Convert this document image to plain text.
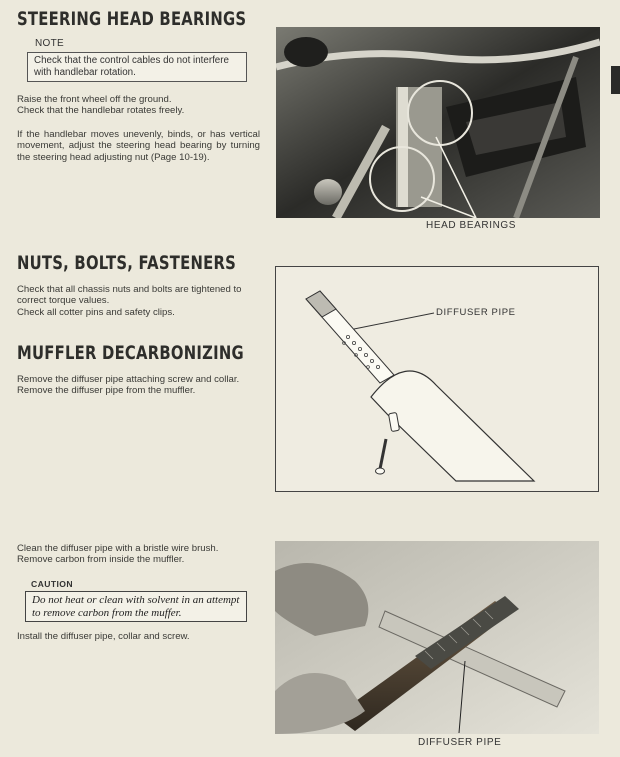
STEERING HEAD BEARINGS
NOTE
Check that the control cables do not interfere with handlebar rotation.

Raise the front wheel off the ground.

Check that the handlebar rotates freely.

If the handlebar moves unevenly, binds, or has vertical movement, adjust the steering head bearing by turning the steering head adjusting nut (Page 10-19).
HEAD BEARINGS
NUTS, BOLTS, FASTENERS

Check that all chassis nuts and bolts are tightened to correct torque values.

Check all cotter pins and safety clips.

MUFFLER DECARBONIZING

Remove the diffuser pipe attaching screw and collar.

Remove the diffuser pipe from the muffler.

DIFFUSER PIPE

Clean the diffuser pipe with a bristle wire brush.

Remove carbon from inside the muffler.

CAUTION
Do not heat or clean with solvent in an attempt to remove carbon from the muffer.
Install the diffuser pipe, collar and screw.
DIFFUSER PIPE
